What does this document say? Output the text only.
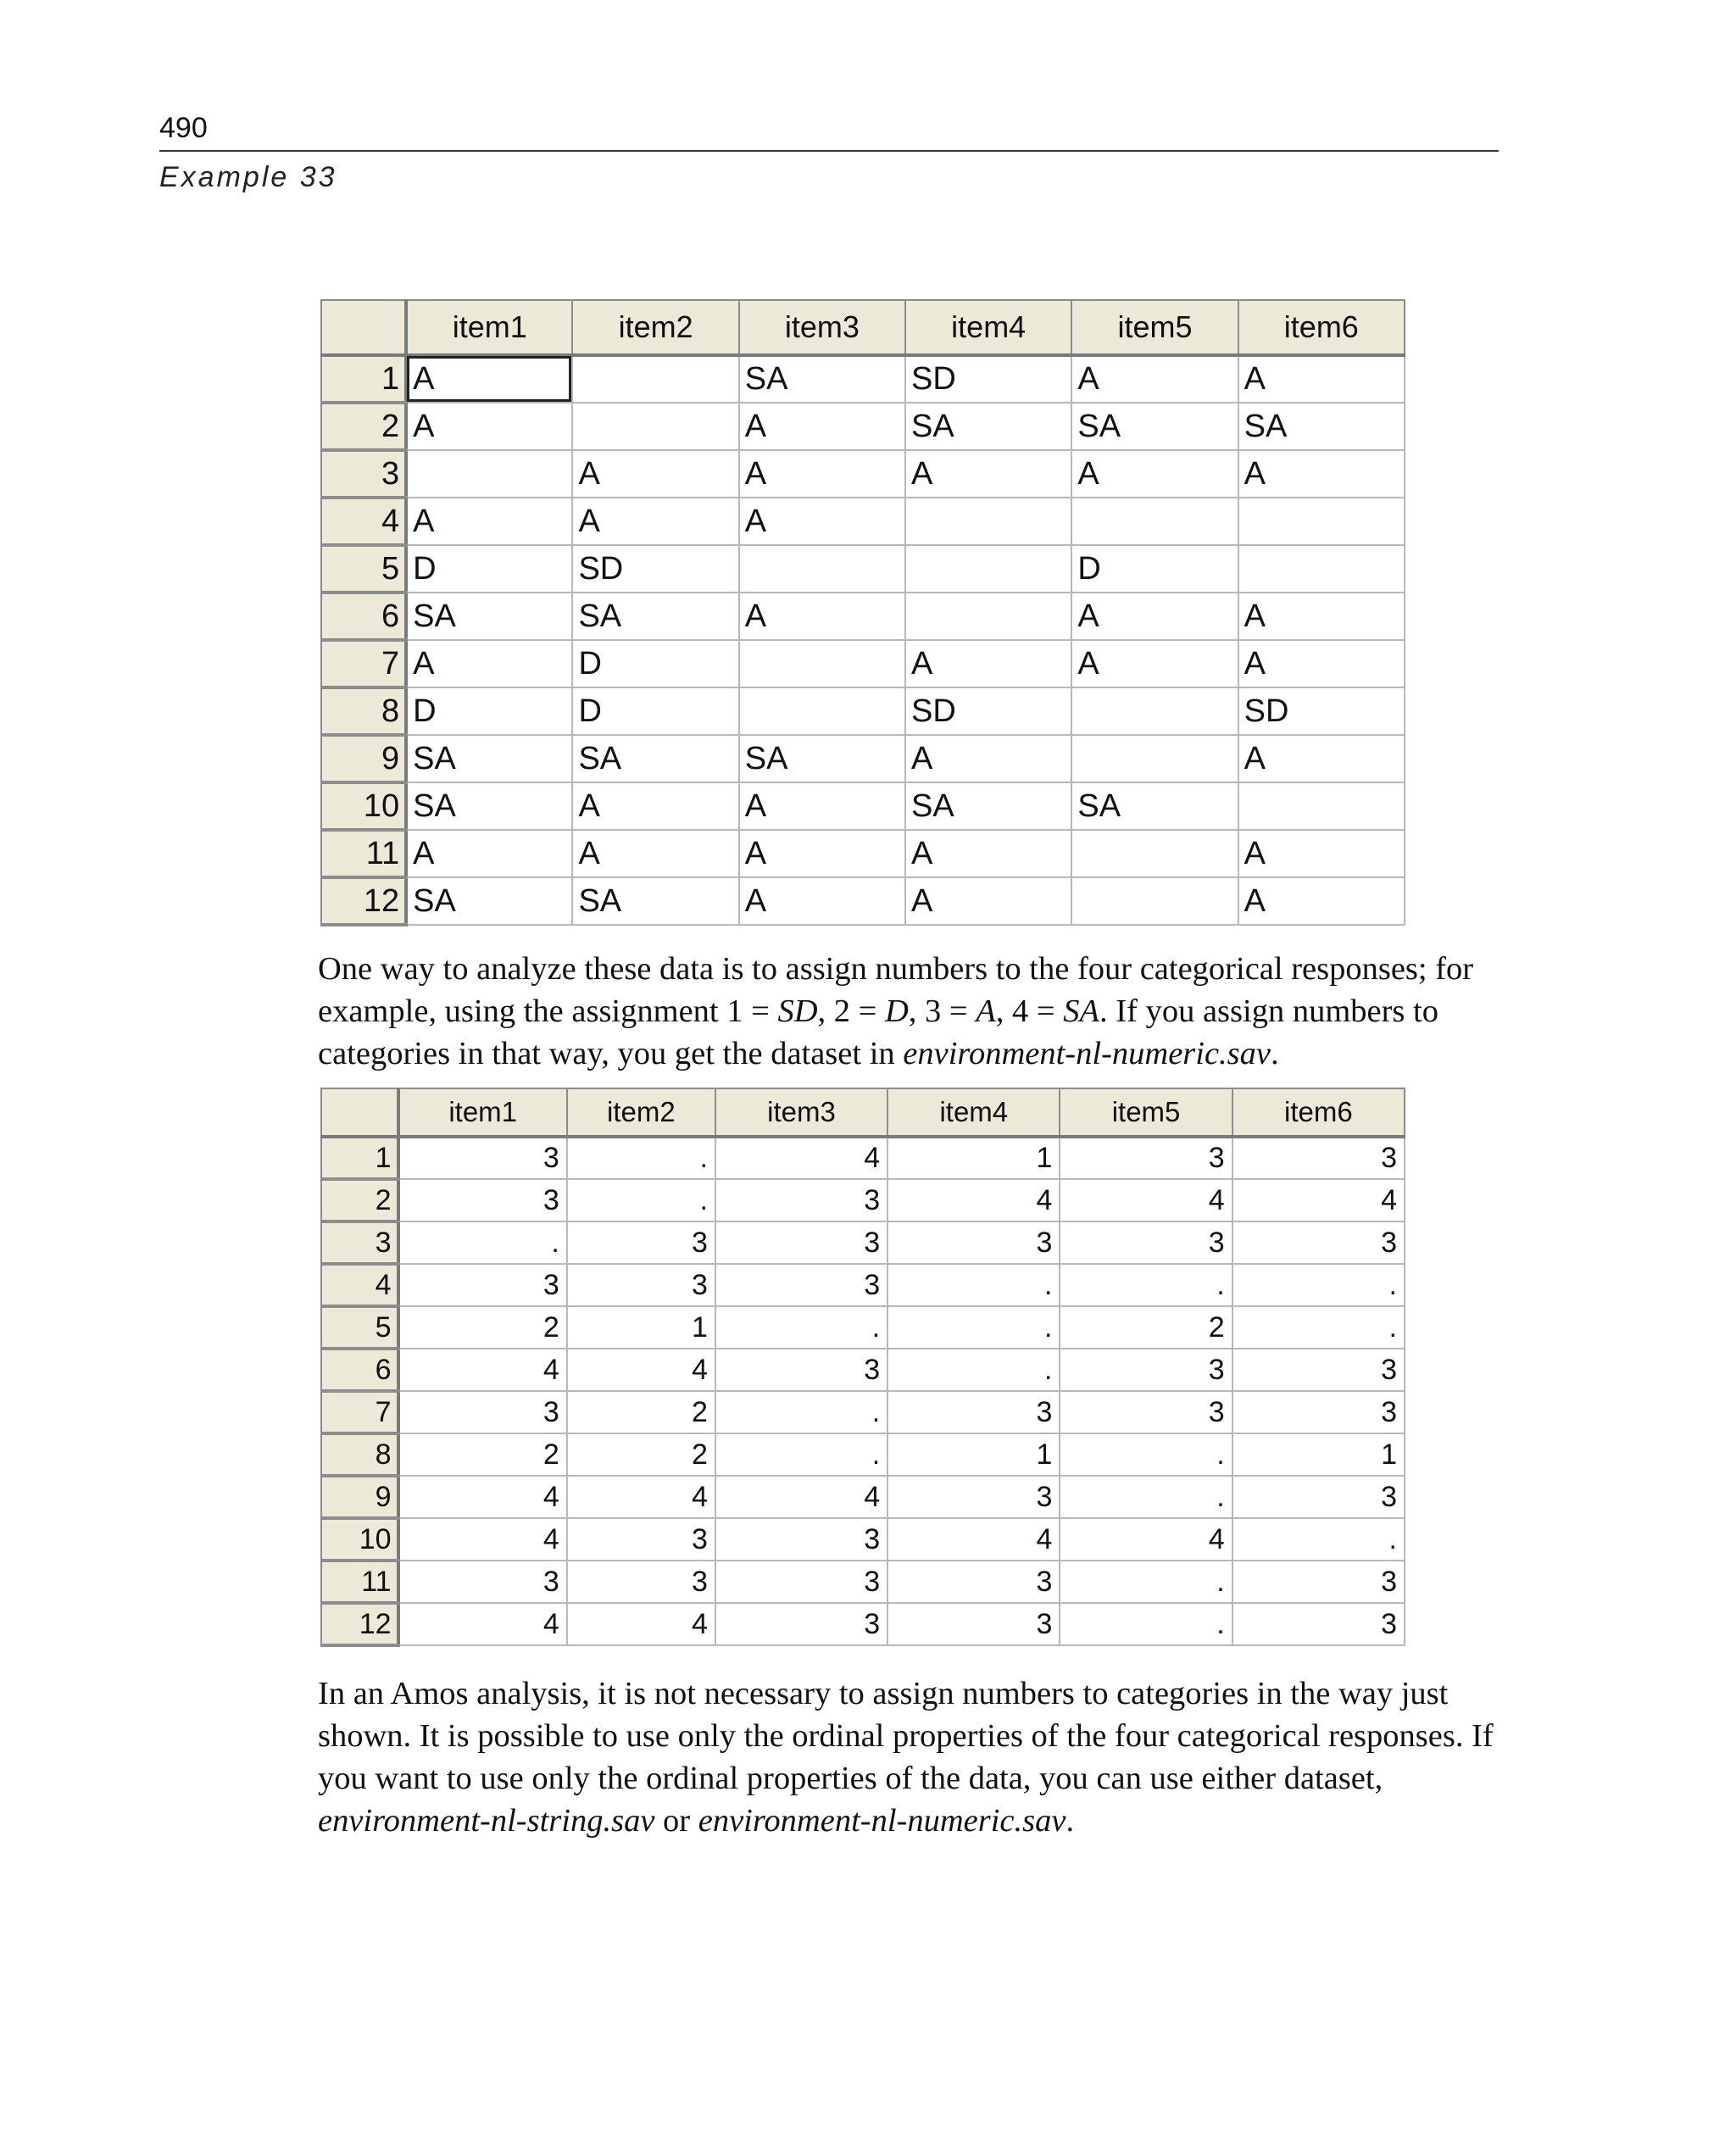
490
Example 33
	item1	item2	item3	item4	item5	item6
1	A		SA	SD	A	A
2	A		A	SA	SA	SA
3		A	A	A	A	A
4	A	A	A			
5	D	SD			D	
6	SA	SA	A		A	A
7	A	D		A	A	A
8	D	D		SD		SD
9	SA	SA	SA	A		A
10	SA	A	A	SA	SA	
11	A	A	A	A		A
12	SA	SA	A	A		A

One way to analyze these data is to assign numbers to the four categorical responses; for example, using the assignment 1 = SD, 2 = D, 3 = A, 4 = SA. If you assign numbers to categories in that way, you get the dataset in environment-nl-numeric.sav.

	item1	item2	item3	item4	item5	item6
1	3	.	4	1	3	3
2	3	.	3	4	4	4
3	.	3	3	3	3	3
4	3	3	3	.	.	.
5	2	1	.	.	2	.
6	4	4	3	.	3	3
7	3	2	.	3	3	3
8	2	2	.	1	.	1
9	4	4	4	3	.	3
10	4	3	3	4	4	.
11	3	3	3	3	.	3
12	4	4	3	3	.	3

In an Amos analysis, it is not necessary to assign numbers to categories in the way just shown. It is possible to use only the ordinal properties of the four categorical responses. If you want to use only the ordinal properties of the data, you can use either dataset, environment-nl-string.sav or environment-nl-numeric.sav.
